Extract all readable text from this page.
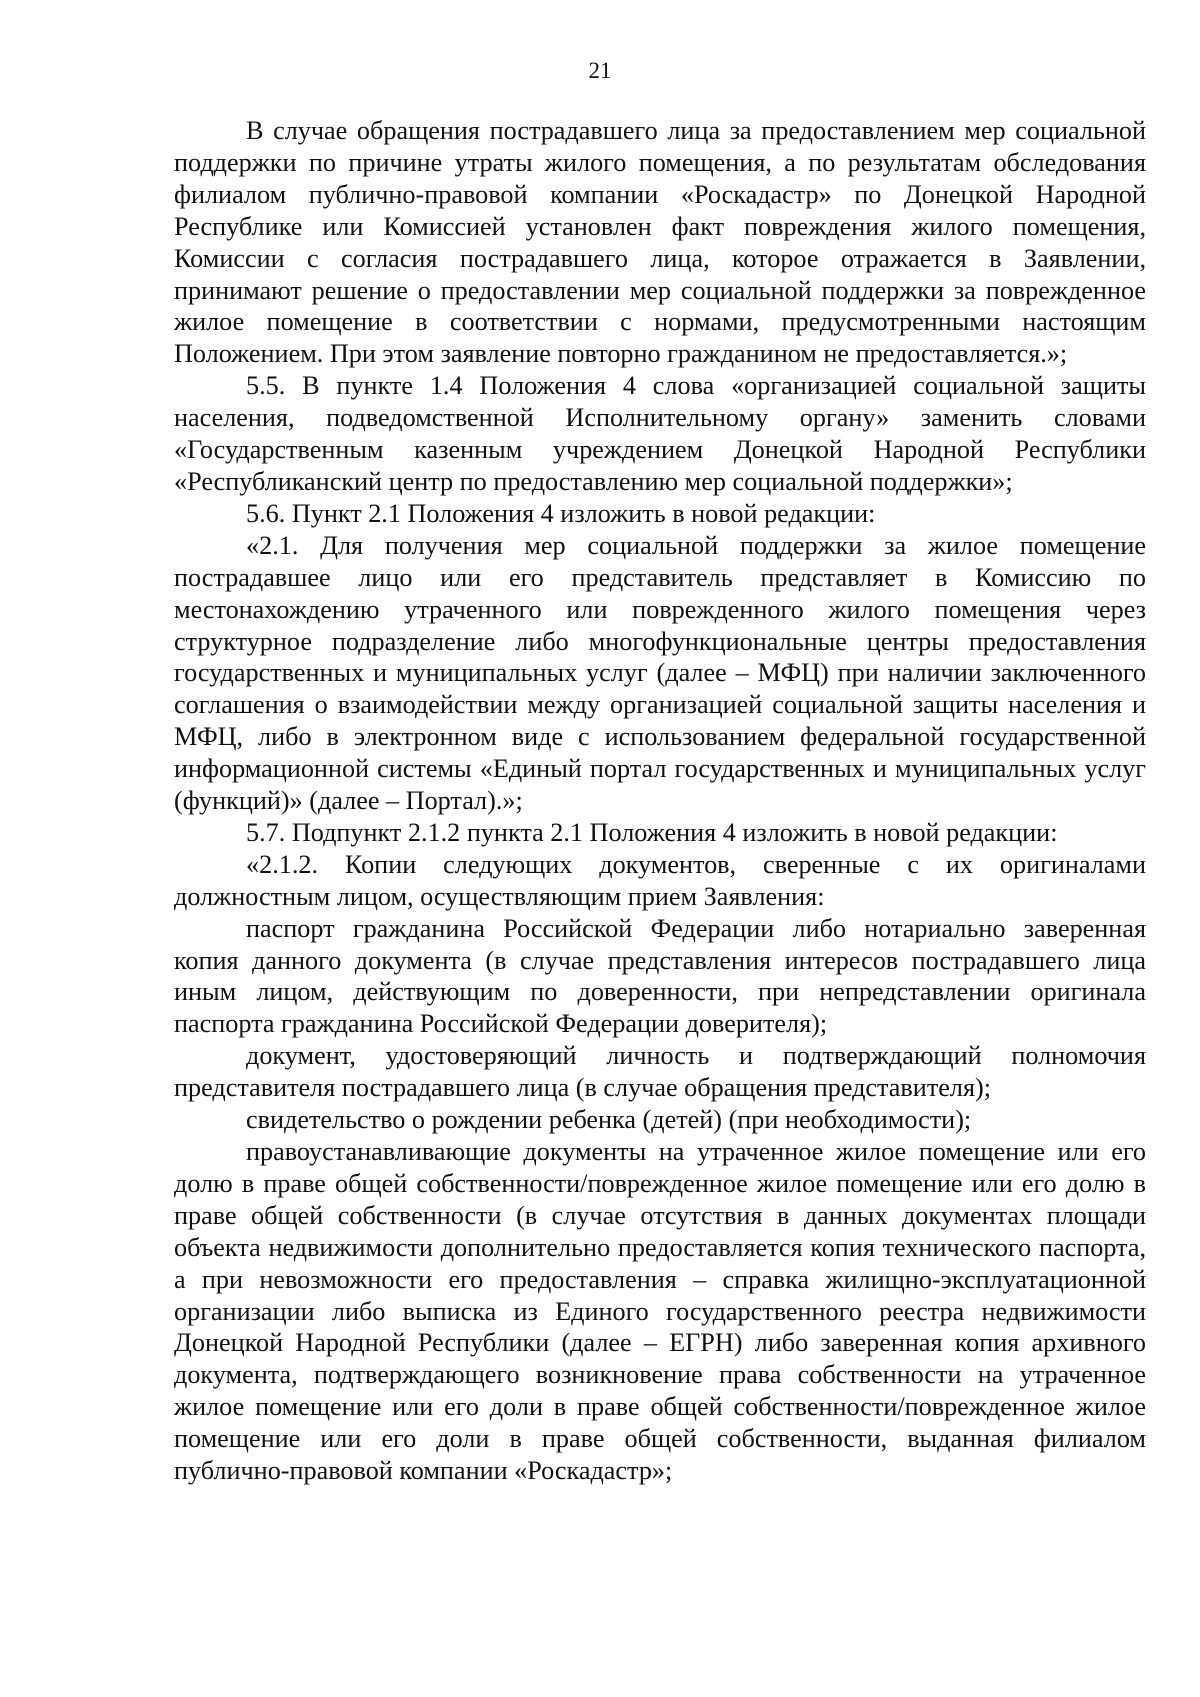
21

В случае обращения пострадавшего лица за предоставлением мер социальной поддержки по причине утраты жилого помещения, а по результатам обследования филиалом публично-правовой компании «Роскадастр» по Донецкой Народной Республике или Комиссией установлен факт повреждения жилого помещения, Комиссии с согласия пострадавшего лица, которое отражается в Заявлении, принимают решение о предоставлении мер социальной поддержки за поврежденное жилое помещение в соответствии с нормами, предусмотренными настоящим Положением. При этом заявление повторно гражданином не предоставляется.»;

5.5. В пункте 1.4 Положения 4 слова «организацией социальной защиты населения, подведомственной Исполнительному органу» заменить словами «Государственным казенным учреждением Донецкой Народной Республики «Республиканский центр по предоставлению мер социальной поддержки»;

5.6. Пункт 2.1 Положения 4 изложить в новой редакции:

«2.1. Для получения мер социальной поддержки за жилое помещение пострадавшее лицо или его представитель представляет в Комиссию по местонахождению утраченного или поврежденного жилого помещения через структурное подразделение либо многофункциональные центры предоставления государственных и муниципальных услуг (далее – МФЦ) при наличии заключенного соглашения о взаимодействии между организацией социальной защиты населения и МФЦ, либо в электронном виде с использованием федеральной государственной информационной системы «Единый портал государственных и муниципальных услуг (функций)» (далее – Портал).»;

5.7. Подпункт 2.1.2 пункта 2.1 Положения 4 изложить в новой редакции:

«2.1.2. Копии следующих документов, сверенные с их оригиналами должностным лицом, осуществляющим прием Заявления:

паспорт гражданина Российской Федерации либо нотариально заверенная копия данного документа (в случае представления интересов пострадавшего лица иным лицом, действующим по доверенности, при непредставлении оригинала паспорта гражданина Российской Федерации доверителя);

документ, удостоверяющий личность и подтверждающий полномочия представителя пострадавшего лица (в случае обращения представителя);

свидетельство о рождении ребенка (детей) (при необходимости);

правоустанавливающие документы на утраченное жилое помещение или его долю в праве общей собственности/поврежденное жилое помещение или его долю в праве общей собственности (в случае отсутствия в данных документах площади объекта недвижимости дополнительно предоставляется копия технического паспорта, а при невозможности его предоставления – справка жилищно-эксплуатационной организации либо выписка из Единого государственного реестра недвижимости Донецкой Народной Республики (далее – ЕГРН) либо заверенная копия архивного документа, подтверждающего возникновение права собственности на утраченное жилое помещение или его доли в праве общей собственности/поврежденное жилое помещение или его доли в праве общей собственности, выданная филиалом публично-правовой компании «Роскадастр»;
